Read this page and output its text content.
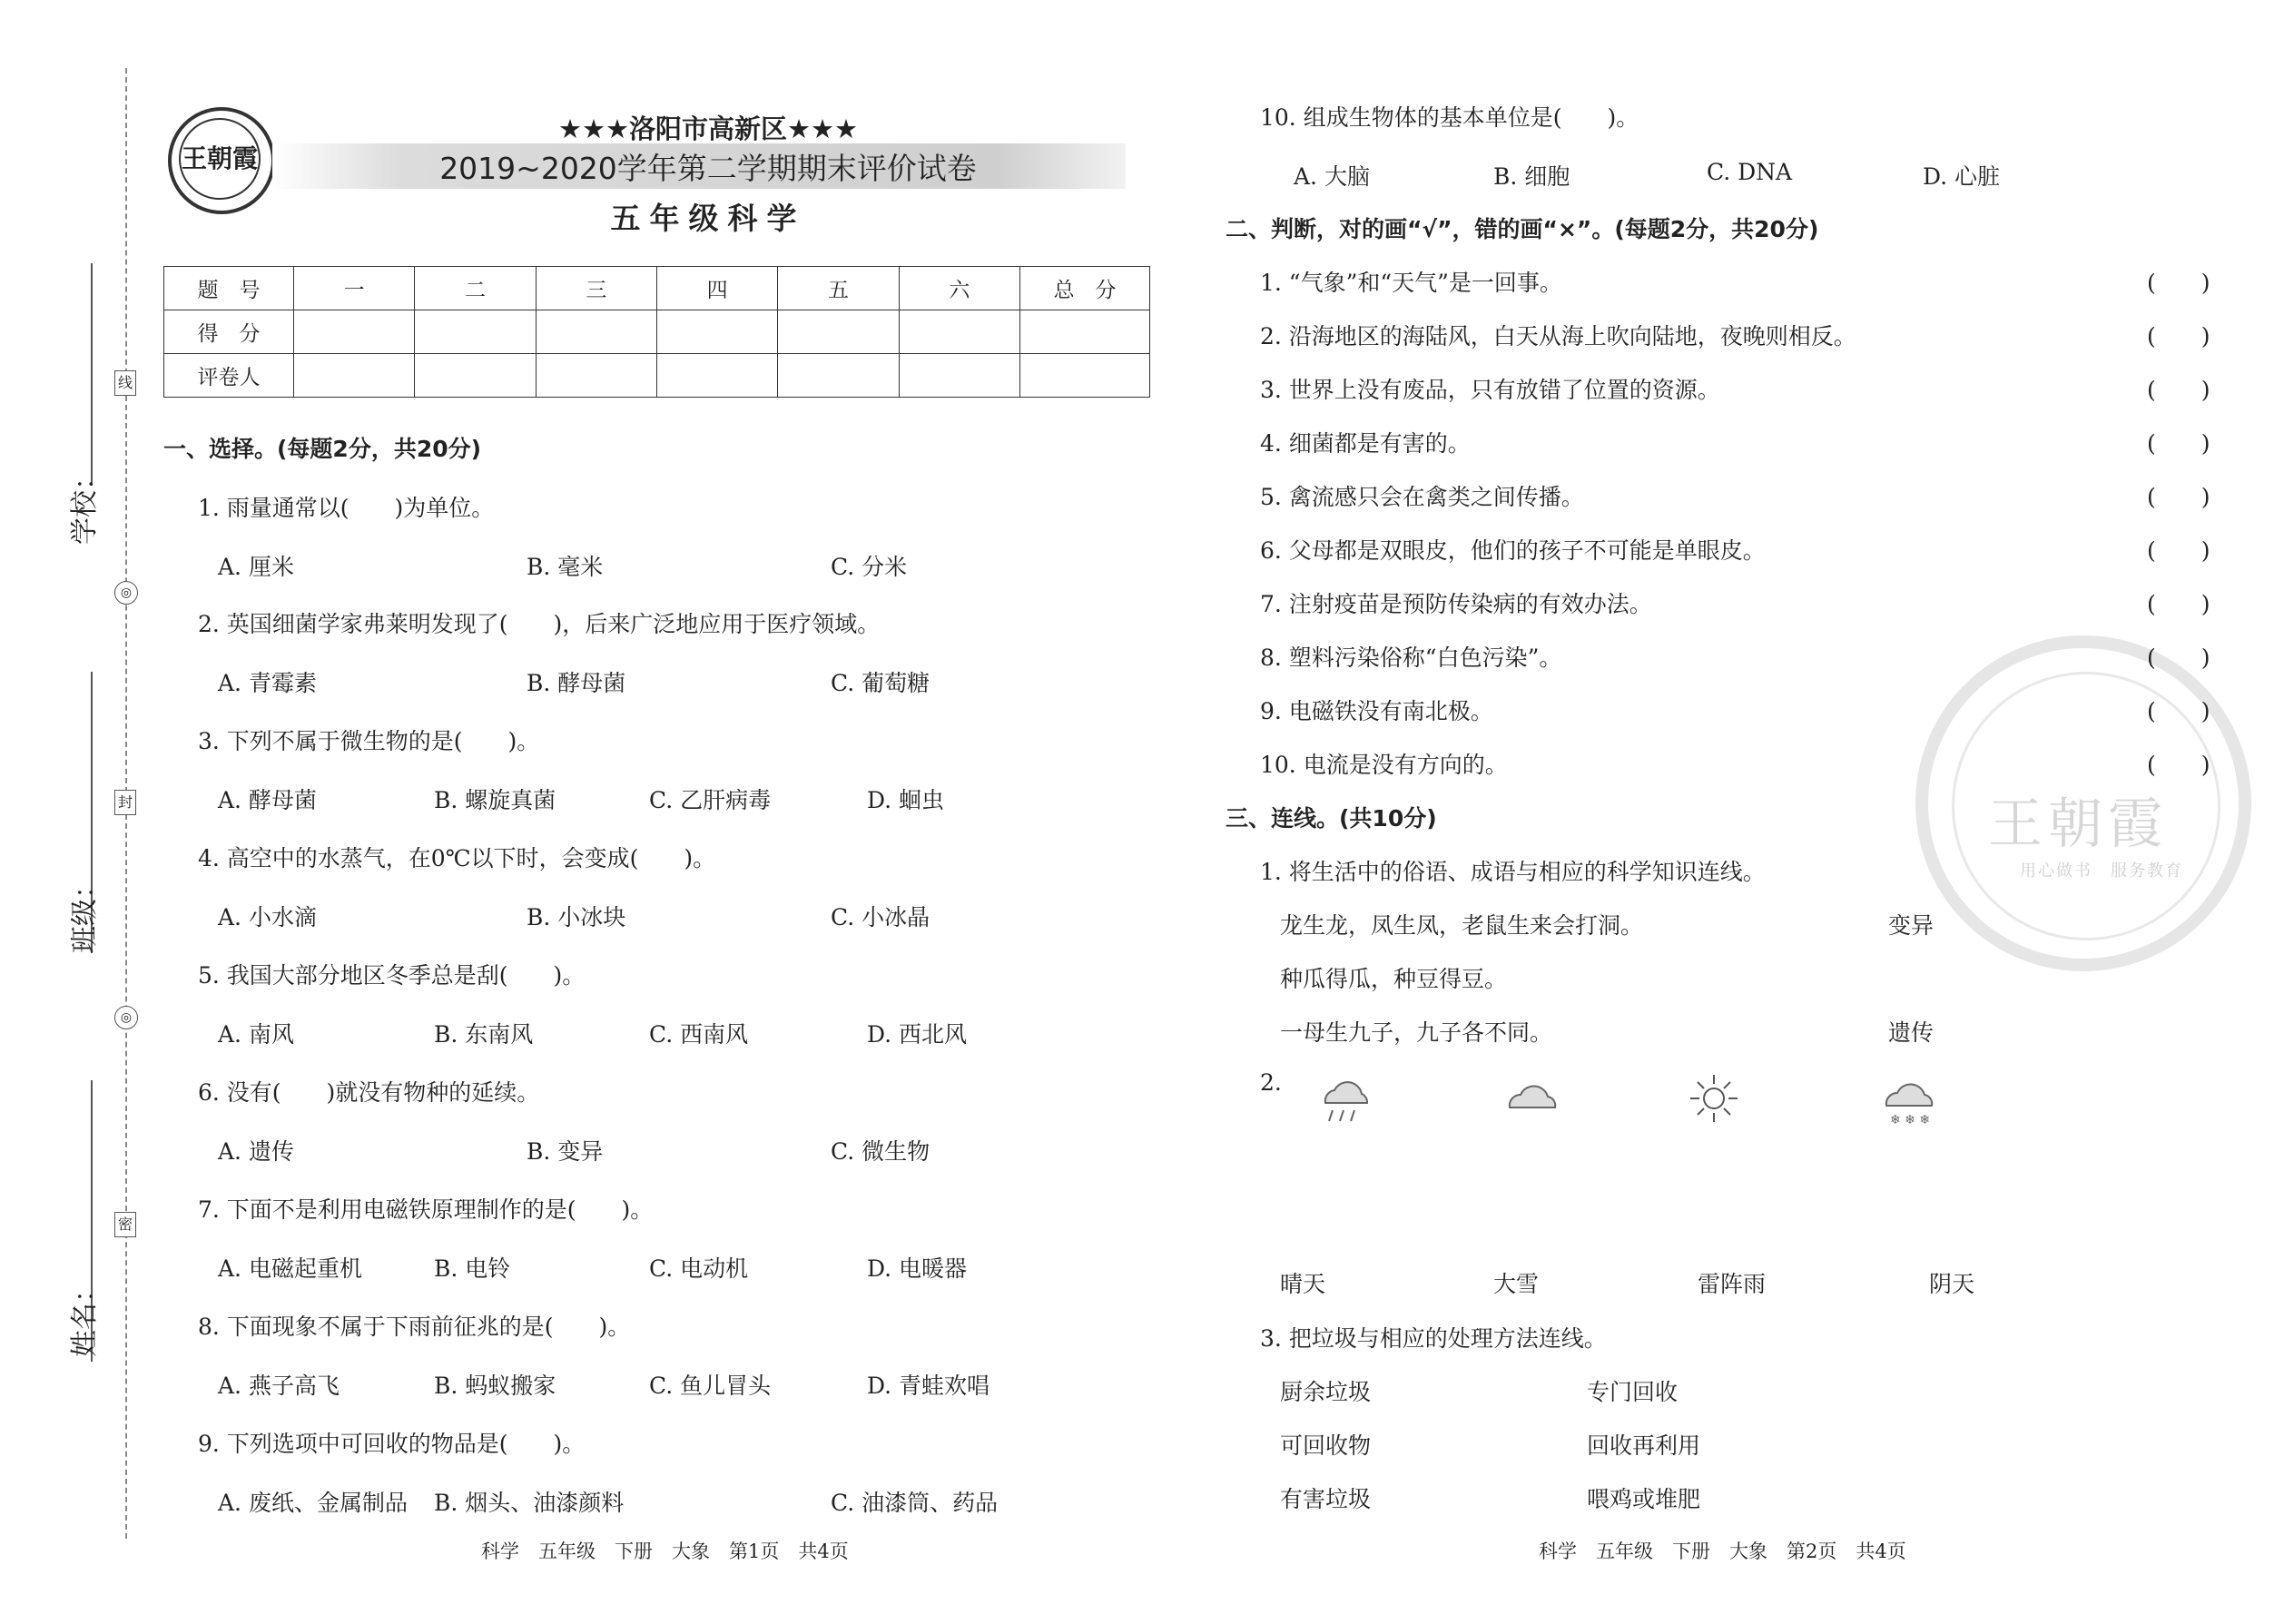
学校：
班级：
姓名：
线
◎
封
◎
密
王朝霞
★★★洛阳市高新区★★★
2019~2020学年第二学期期末评价试卷
五年级科学
题　号	一	二	三	四	五	六	总　分
得　分							
评卷人							
一、选择。(每题2分，共20分)
1. 雨量通常以(　　)为单位。
A. 厘米	B. 毫米	C. 分米
2. 英国细菌学家弗莱明发现了(　　)，后来广泛地应用于医疗领域。
A. 青霉素	B. 酵母菌	C. 葡萄糖
3. 下列不属于微生物的是(　　)。
A. 酵母菌	B. 螺旋真菌	C. 乙肝病毒	D. 蛔虫
4. 高空中的水蒸气，在0℃以下时，会变成(　　)。
A. 小水滴	B. 小冰块	C. 小冰晶
5. 我国大部分地区冬季总是刮(　　)。
A. 南风	B. 东南风	C. 西南风	D. 西北风
6. 没有(　　)就没有物种的延续。
A. 遗传	B. 变异	C. 微生物
7. 下面不是利用电磁铁原理制作的是(　　)。
A. 电磁起重机	B. 电铃	C. 电动机	D. 电暖器
8. 下面现象不属于下雨前征兆的是(　　)。
A. 燕子高飞	B. 蚂蚁搬家	C. 鱼儿冒头	D. 青蛙欢唱
9. 下列选项中可回收的物品是(　　)。
A. 废纸、金属制品 B. 烟头、油漆颜料	C. 油漆筒、药品
科学　五年级　下册　大象　第1页　共4页
王朝霞
用心做书　服务教育
10. 组成生物体的基本单位是(　　)。
A. 大脑	B. 细胞	C. DNA	D. 心脏
二、判断，对的画“√”，错的画“×”。(每题2分，共20分)
1. “气象”和“天气”是一回事。
2. 沿海地区的海陆风，白天从海上吹向陆地，夜晚则相反。
3. 世界上没有废品，只有放错了位置的资源。
4. 细菌都是有害的。
5. 禽流感只会在禽类之间传播。
6. 父母都是双眼皮，他们的孩子不可能是单眼皮。
7. 注射疫苗是预防传染病的有效办法。
8. 塑料污染俗称“白色污染”。
9. 电磁铁没有南北极。
10. 电流是没有方向的。
(　　)
(　　)
(　　)
(　　)
(　　)
(　　)
(　　)
(　　)
(　　)
(　　)
三、连线。(共10分)
1. 将生活中的俗语、成语与相应的科学知识连线。
龙生龙，凤生凤，老鼠生来会打洞。
种瓜得瓜，种豆得豆。
一母生九子，九子各不同。
变异
遗传
2.
❄ ❄ ❄
晴天	大雪	雷阵雨	阴天
3. 把垃圾与相应的处理方法连线。
厨余垃圾
可回收物
有害垃圾
专门回收
回收再利用
喂鸡或堆肥
科学　五年级　下册　大象　第2页　共4页
